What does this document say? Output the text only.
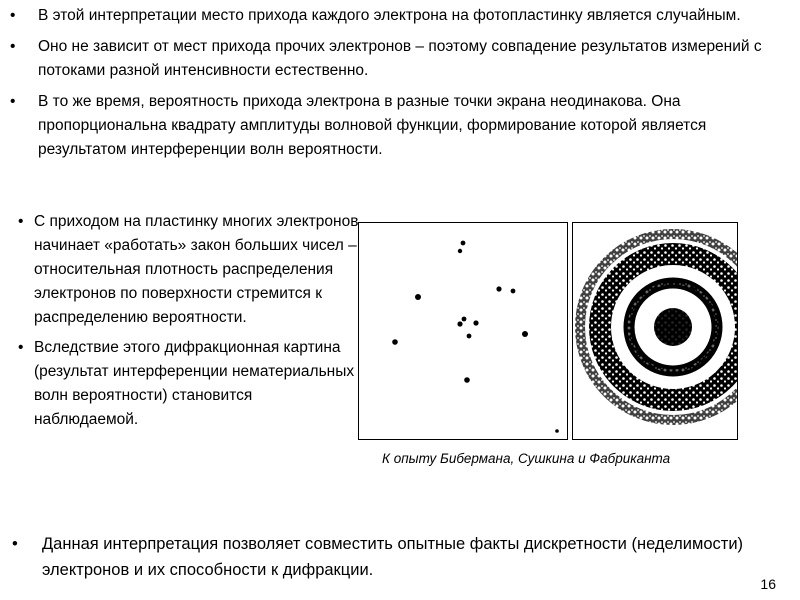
• В этой интерпретации место прихода каждого электрона на фотопластинку является случайным.
• Оно не зависит от мест прихода прочих электронов – поэтому совпадение результатов измерений с потоками разной интенсивности естественно.
• В то же время, вероятность прихода электрона в разные точки экрана неодинакова. Она пропорциональна квадрату амплитуды волновой функции, формирование которой является результатом интерференции волн вероятности.
• С приходом на пластинку многих электронов начинает «работать» закон больших чисел – относительная плотность распределения электронов по поверхности стремится к распределению вероятности.
• Вследствие этого дифракционная картина (результат интерференции нематериальных волн вероятности) становится наблюдаемой.
К опыту Бибермана, Сушкина и Фабриканта
• Данная интерпретация позволяет совместить опытные факты дискретности (неделимости) электронов и их способности к дифракции.
16
